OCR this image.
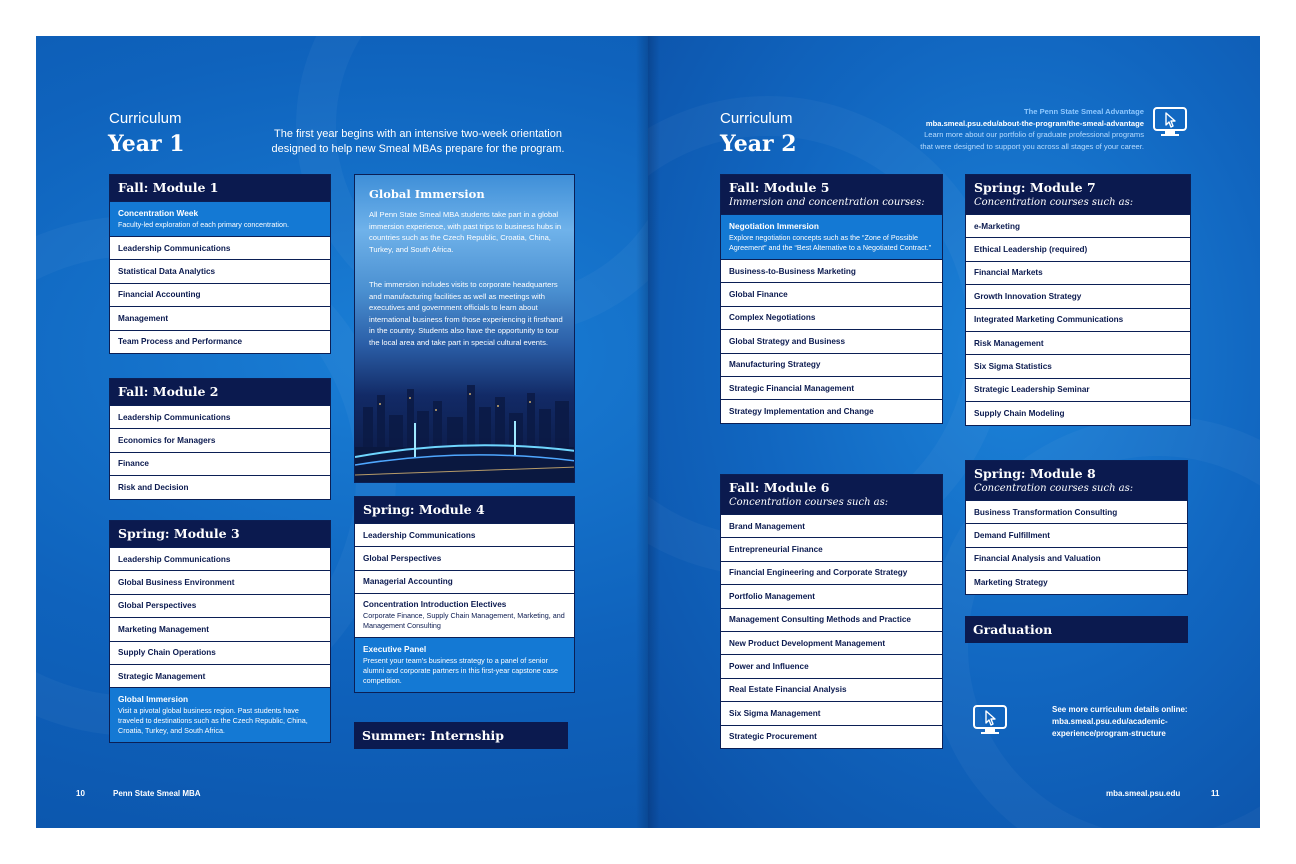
Curriculum
Year 1	The first year begins with an intensive two-week orientation
designed to help new Smeal MBAs prepare for the program.
Fall: Module 1
Concentration Week
Faculty-led exploration of each primary concentration.
Leadership Communications
Statistical Data Analytics
Financial Accounting
Management
Team Process and Performance
Fall: Module 2
Leadership Communications
Economics for Managers
Finance
Risk and Decision
Spring: Module 3
Leadership Communications
Global Business Environment
Global Perspectives
Marketing Management
Supply Chain Operations
Strategic Management
Global Immersion
Visit a pivotal global business region. Past students have traveled to destinations such as the Czech Republic, China, Croatia, Turkey, and South Africa.
Global Immersion
All Penn State Smeal MBA students take part in a global immersion experience, with past trips to business hubs in countries such as the Czech Republic, Croatia, China, Turkey, and South Africa.
The immersion includes visits to corporate headquarters and manufacturing facilities as well as meetings with executives and government officials to learn about international business from those experiencing it firsthand in the country. Students also have the opportunity to tour the local area and take part in special cultural events.
Spring: Module 4
Leadership Communications
Global Perspectives
Managerial Accounting
Concentration Introduction Electives
Corporate Finance, Supply Chain Management, Marketing, and Management Consulting
Executive Panel
Present your team’s business strategy to a panel of senior alumni and corporate partners in this first-year capstone case competition.
Summer: Internship
10	Penn State Smeal MBA
Curriculum
Year 2
The Penn State Smeal Advantage
mba.smeal.psu.edu/about-the-program/the-smeal-advantage
Learn more about our portfolio of graduate professional programs
that were designed to support you across all stages of your career.
Fall: Module 5
Immersion and concentration courses:
Negotiation Immersion
Explore negotiation concepts such as the “Zone of Possible Agreement” and the “Best Alternative to a Negotiated Contract.”
Business-to-Business Marketing
Global Finance
Complex Negotiations
Global Strategy and Business
Manufacturing Strategy
Strategic Financial Management
Strategy Implementation and Change
Fall: Module 6
Concentration courses such as:
Brand Management
Entrepreneurial Finance
Financial Engineering and Corporate Strategy
Portfolio Management
Management Consulting Methods and Practice
New Product Development Management
Power and Influence
Real Estate Financial Analysis
Six Sigma Management
Strategic Procurement
Spring: Module 7
Concentration courses such as:
e-Marketing
Ethical Leadership (required)
Financial Markets
Growth Innovation Strategy
Integrated Marketing Communications
Risk Management
Six Sigma Statistics
Strategic Leadership Seminar
Supply Chain Modeling
Spring: Module 8
Concentration courses such as:
Business Transformation Consulting
Demand Fulfillment
Financial Analysis and Valuation
Marketing Strategy
Graduation
See more curriculum details online:
mba.smeal.psu.edu/academic-
experience/program-structure
mba.smeal.psu.edu	11
